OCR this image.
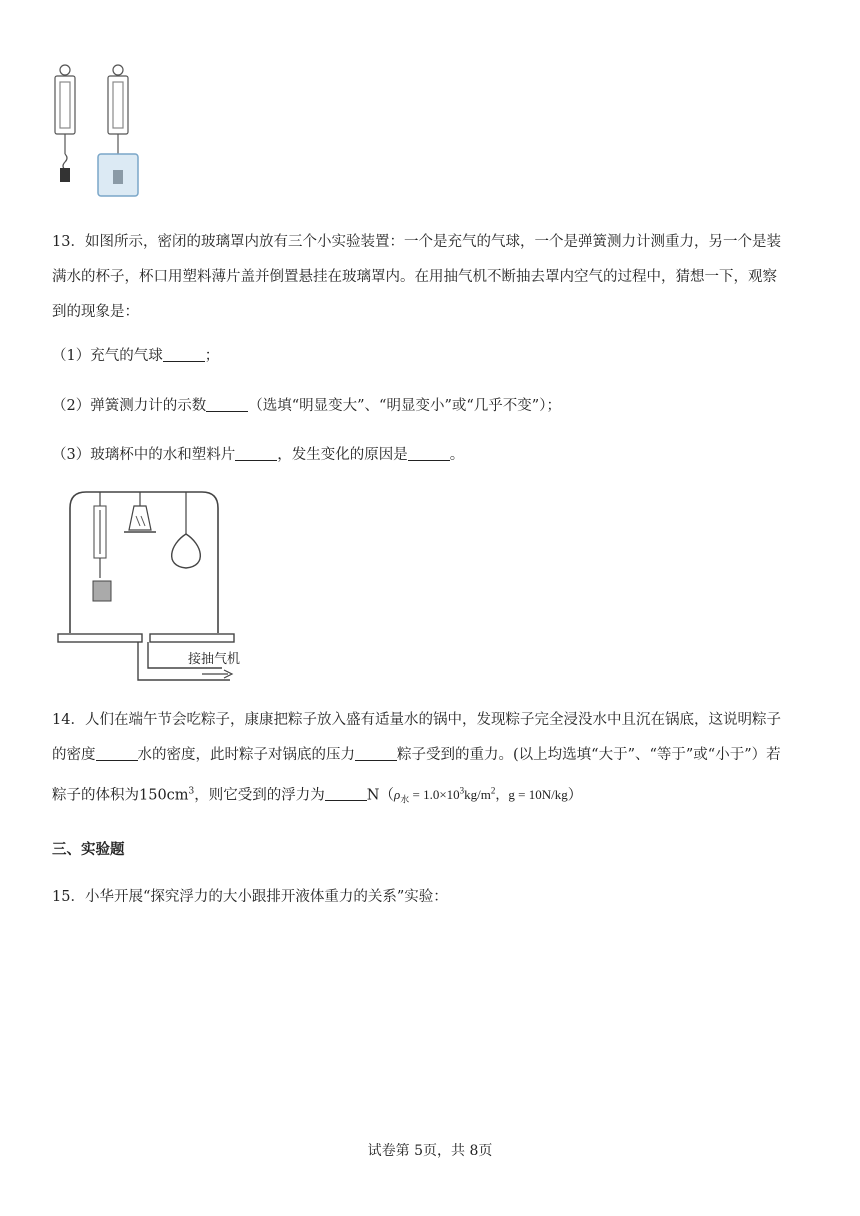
13．如图所示，密闭的玻璃罩内放有三个小实验装置：一个是充气的气球，一个是弹簧测力计测重力，另一个是装
满水的杯子，杯口用塑料薄片盖并倒置悬挂在玻璃罩内。在用抽气机不断抽去罩内空气的过程中，猜想一下，观察
到的现象是：
（1）充气的气球	；
（2）弹簧测力计的示数	（选填“明显变大”、“明显变小”或“几乎不变”）；
（3）玻璃杯中的水和塑料片	，发生变化的原因是	。
接抽气机
14．人们在端午节会吃粽子，康康把粽子放入盛有适量水的锅中，发现粽子完全浸没水中且沉在锅底，这说明粽子
的密度	水的密度，此时粽子对锅底的压力	粽子受到的重力。(以上均选填“大于”、“等于”或“小于”）若
粽子的体积为$150cm^3$，则它受到的浮力为	$N(\rho_水 = 1.0\times 10^3kg/m^2$，g = 10N/kg）
三、实验题
15．小华开展“探究浮力的大小跟排开液体重力的关系”实验：
试卷第 5页，共 8页
